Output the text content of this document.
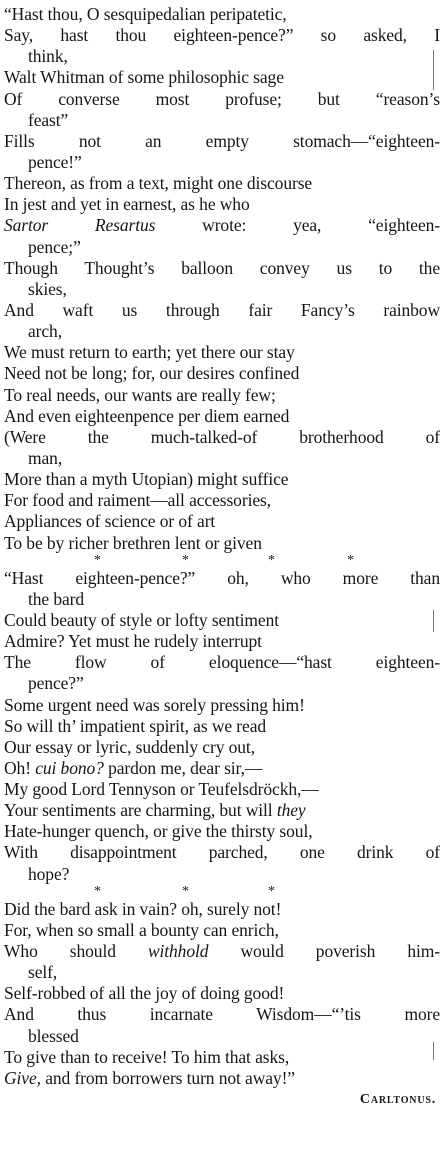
“Hast thou, O sesquipedalian peripatetic,
Say, hast thou eighteen-pence?” so asked, I
think,
Walt Whitman of some philosophic sage
Of converse most profuse; but “reason’s
feast”
Fills not an empty stomach—“eighteen-
pence!”
Thereon, as from a text, might one discourse
In jest and yet in earnest, as he who
Sartor Resartus wrote: yea, “eighteen-
pence;”
Though Thought’s balloon convey us to the
skies,
And waft us through fair Fancy’s rainbow
arch,
We must return to earth; yet there our stay
Need not be long; for, our desires confined
To real needs, our wants are really few;
And even eighteenpence per diem earned
(Were the much-talked-of brotherhood of
man,
More than a myth Utopian) might suffice
For food and raiment—all accessories,
Appliances of science or of art
To be by richer brethren lent or given
*	*	*	*
“Hast eighteen-pence?” oh, who more than
the bard
Could beauty of style or lofty sentiment
Admire? Yet must he rudely interrupt
The flow of eloquence—“hast eighteen-
pence?”
Some urgent need was sorely pressing him!
So will th’ impatient spirit, as we read
Our essay or lyric, suddenly cry out,
Oh! cui bono? pardon me, dear sir,—
My good Lord Tennyson or Teufelsdröckh,—
Your sentiments are charming, but will they
Hate-hunger quench, or give the thirsty soul,
With disappointment parched, one drink of
hope?
*	*	*
Did the bard ask in vain? oh, surely not!
For, when so small a bounty can enrich,
Who should withhold would poverish him-
self,
Self-robbed of all the joy of doing good!
And thus incarnate Wisdom—“’tis more
blessed
To give than to receive! To him that asks,
Give, and from borrowers turn not away!”
Carltonus.
